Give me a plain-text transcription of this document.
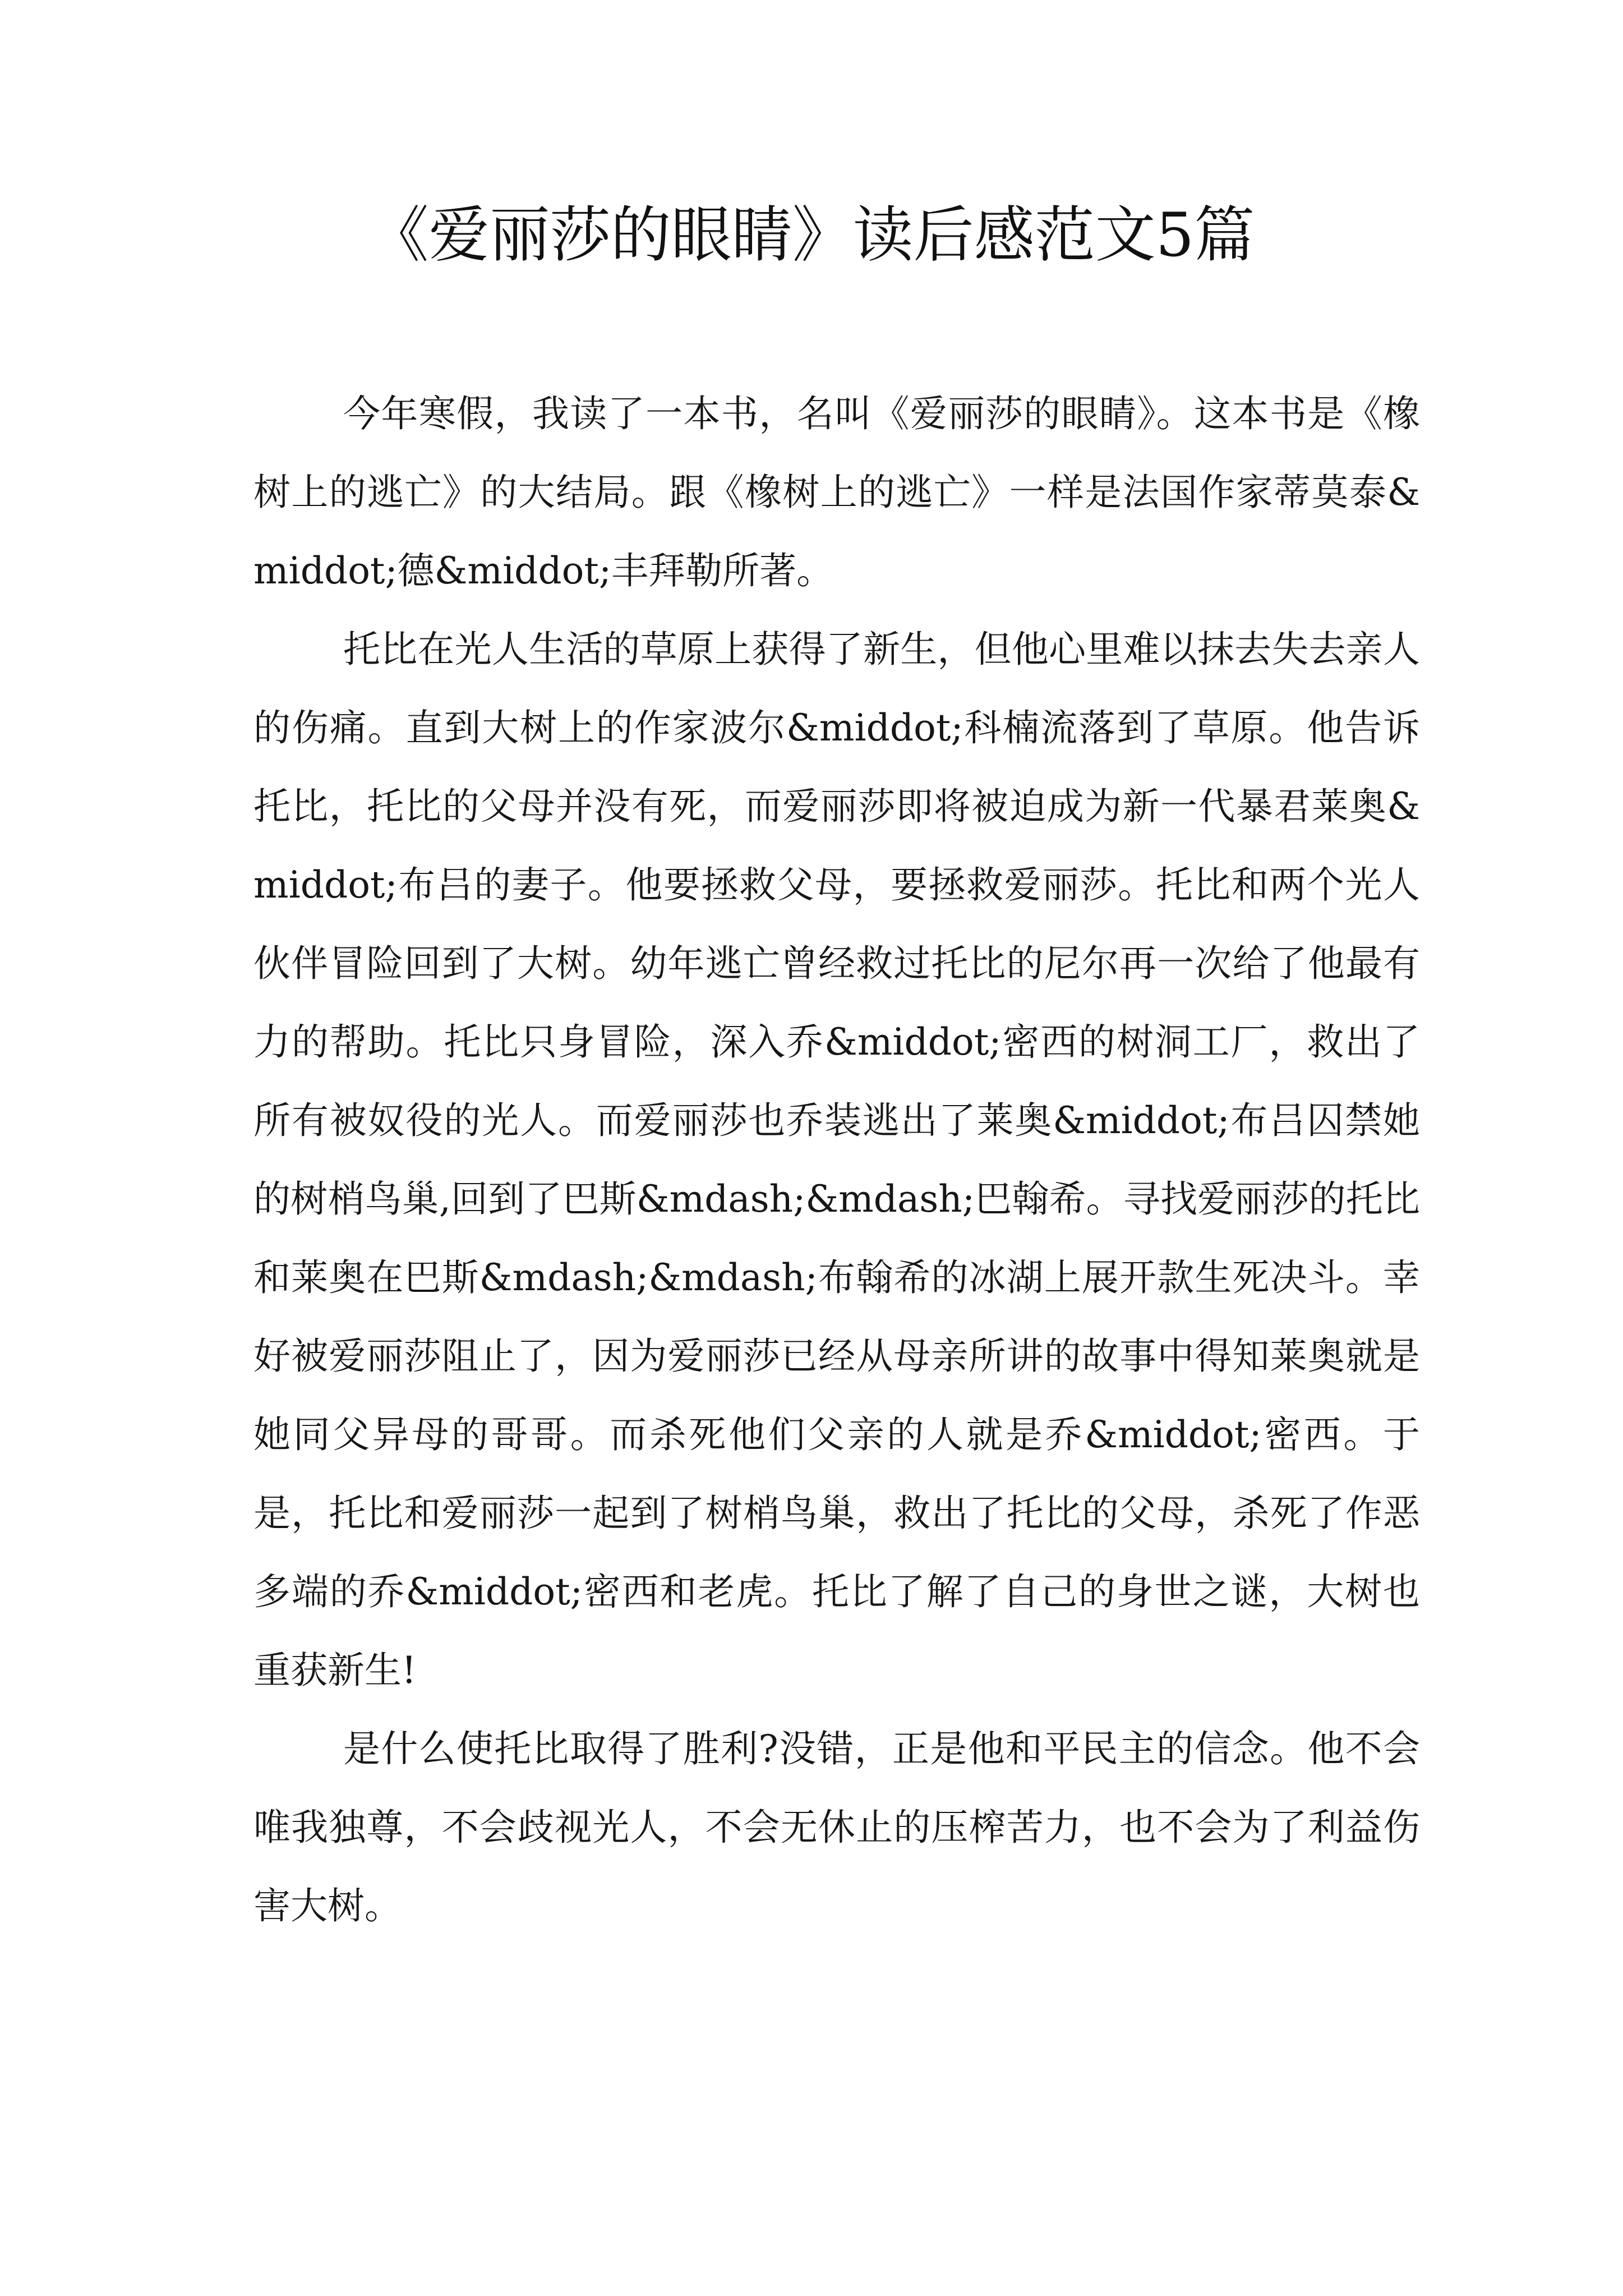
《爱丽莎的眼睛》读后感范文5篇

今年寒假，我读了一本书，名叫《爱丽莎的眼睛》。这本书是《橡树上的逃亡》的大结局。跟《橡树上的逃亡》一样是法国作家蒂莫泰&middot;德&middot;丰拜勒所著。

托比在光人生活的草原上获得了新生，但他心里难以抹去失去亲人的伤痛。直到大树上的作家波尔&middot;科楠流落到了草原。他告诉托比，托比的父母并没有死，而爱丽莎即将被迫成为新一代暴君莱奥&middot;布吕的妻子。他要拯救父母，要拯救爱丽莎。托比和两个光人伙伴冒险回到了大树。幼年逃亡曾经救过托比的尼尔再一次给了他最有力的帮助。托比只身冒险，深入乔&middot;密西的树洞工厂，救出了所有被奴役的光人。而爱丽莎也乔装逃出了莱奥&middot;布吕囚禁她的树梢鸟巢,回到了巴斯&mdash;&mdash;巴翰希。寻找爱丽莎的托比和莱奥在巴斯&mdash;&mdash;布翰希的冰湖上展开款生死决斗。幸好被爱丽莎阻止了，因为爱丽莎已经从母亲所讲的故事中得知莱奥就是她同父异母的哥哥。而杀死他们父亲的人就是乔&middot;密西。于是，托比和爱丽莎一起到了树梢鸟巢，救出了托比的父母，杀死了作恶多端的乔&middot;密西和老虎。托比了解了自己的身世之谜，大树也重获新生!

是什么使托比取得了胜利?没错，正是他和平民主的信念。他不会唯我独尊，不会歧视光人，不会无休止的压榨苦力，也不会为了利益伤害大树。
